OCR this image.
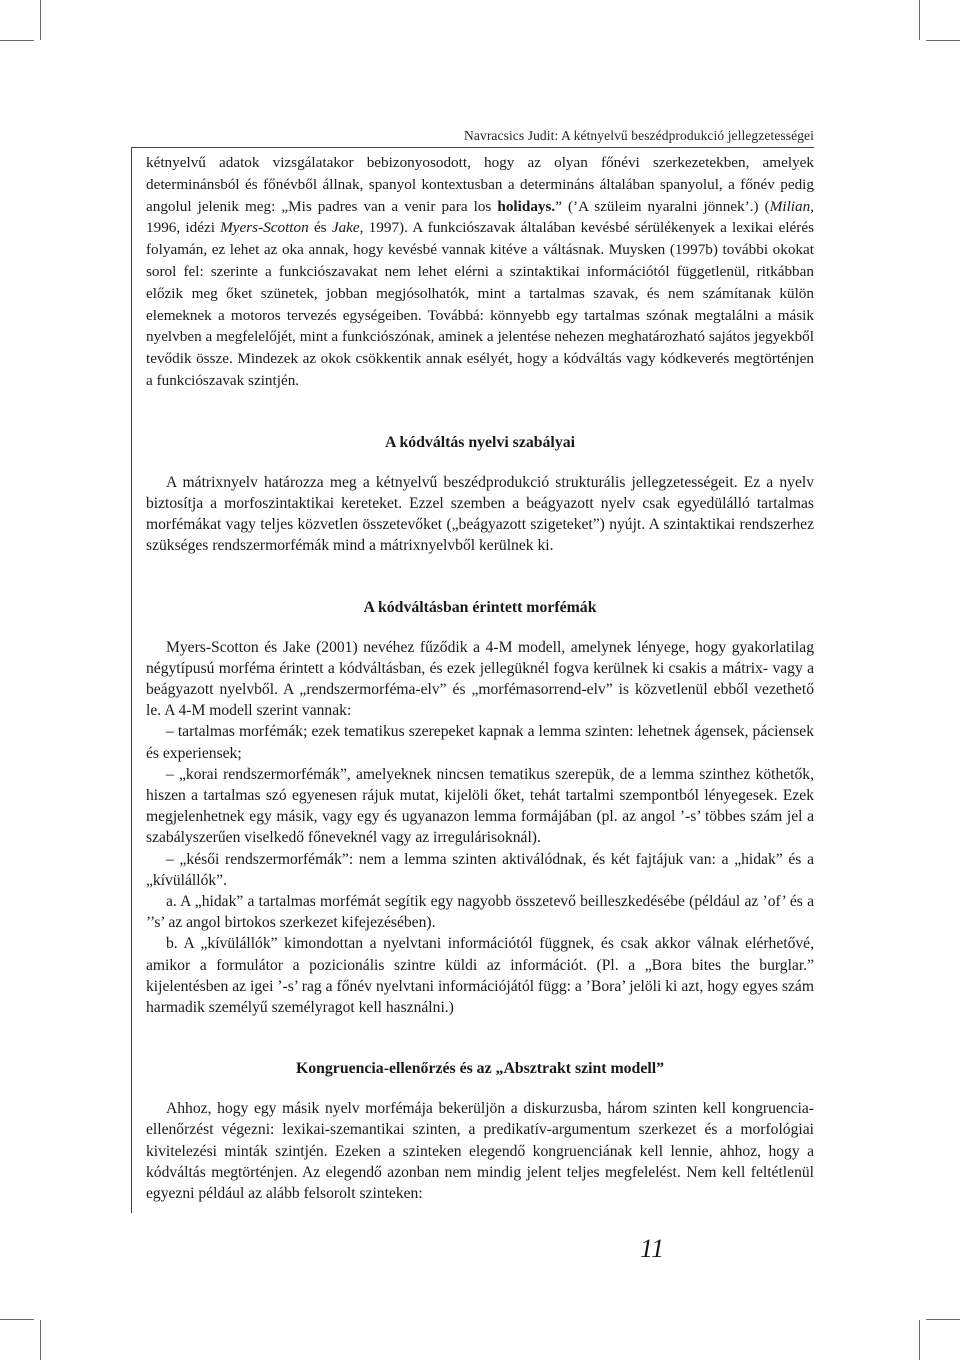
Navracsics Judit: A kétnyelvű beszédprodukció jellegzetességei

kétnyelvű adatok vizsgálatakor bebizonyosodott, hogy az olyan főnévi szerkezetekben, amelyek determinánsból és főnévből állnak, spanyol kontextusban a determináns általában spanyolul, a főnév pedig angolul jelenik meg: „Mis padres van a venir para los holidays.” (’A szüleim nyaralni jönnek’.) (Milian, 1996, idézi Myers-Scotton és Jake, 1997). A funkciószavak általában kevésbé sérülékenyek a lexikai elérés folyamán, ez lehet az oka annak, hogy kevésbé vannak kitéve a váltásnak. Muysken (1997b) további okokat sorol fel: szerinte a funkciószavakat nem lehet elérni a szintaktikai információtól függetlenül, ritkábban előzik meg őket szünetek, jobban megjósolhatók, mint a tartalmas szavak, és nem számítanak külön elemeknek a motoros tervezés egységeiben. Továbbá: könnyebb egy tartalmas szónak megtalálni a másik nyelvben a megfelelőjét, mint a funkciószónak, aminek a jelentése nehezen meghatározható sajátos jegyekből tevődik össze. Mindezek az okok csökkentik annak esélyét, hogy a kódváltás vagy kódkeverés megtörténjen a funkciószavak szintjén.

A kódváltás nyelvi szabályai

A mátrixnyelv határozza meg a kétnyelvű beszédprodukció strukturális jellegzetességeit. Ez a nyelv biztosítja a morfoszintaktikai kereteket. Ezzel szemben a beágyazott nyelv csak egyedülálló tartalmas morfémákat vagy teljes közvetlen összetevőket („beágyazott szigeteket”) nyújt. A szintaktikai rendszerhez szükséges rendszermorfémák mind a mátrixnyelvből kerülnek ki.

A kódváltásban érintett morfémák

Myers-Scotton és Jake (2001) nevéhez fűződik a 4-M modell, amelynek lényege, hogy gyakorlatilag négytípusú morféma érintett a kódváltásban, és ezek jellegüknél fogva kerülnek ki csakis a mátrix- vagy a beágyazott nyelvből. A „rendszermorféma-elv” és „morfémasorrend-elv” is közvetlenül ebből vezethető le. A 4-M modell szerint vannak:

– tartalmas morfémák; ezek tematikus szerepeket kapnak a lemma szinten: lehetnek ágensek, páciensek és experiensek;

– „korai rendszermorfémák”, amelyeknek nincsen tematikus szerepük, de a lemma szinthez köthetők, hiszen a tartalmas szó egyenesen rájuk mutat, kijelöli őket, tehát tartalmi szempontból lényegesek. Ezek megjelenhetnek egy másik, vagy egy és ugyanazon lemma formájában (pl. az angol ’-s’ többes szám jel a szabályszerűen viselkedő főneveknél vagy az irregulárisoknál).

– „késői rendszermorfémák”: nem a lemma szinten aktiválódnak, és két fajtájuk van: a „hidak” és a „kívülállók”.

a. A „hidak” a tartalmas morfémát segítik egy nagyobb összetevő beilleszkedésébe (például az ’of’ és a ’’s’ az angol birtokos szerkezet kifejezésében).

b. A „kívülállók” kimondottan a nyelvtani információtól függnek, és csak akkor válnak elérhetővé, amikor a formulátor a pozicionális szintre küldi az információt. (Pl. a „Bora bites the burglar.” kijelentésben az igei ’-s’ rag a főnév nyelvtani információjától függ: a ’Bora’ jelöli ki azt, hogy egyes szám harmadik személyű személyragot kell használni.)

Kongruencia-ellenőrzés és az „Absztrakt szint modell”

Ahhoz, hogy egy másik nyelv morfémája bekerüljön a diskurzusba, három szinten kell kongruencia-ellenőrzést végezni: lexikai-szemantikai szinten, a predikatív-argumentum szerkezet és a morfológiai kivitelezési minták szintjén. Ezeken a szinteken elegendő kongruenciának kell lennie, ahhoz, hogy a kódváltás megtörténjen. Az elegendő azonban nem mindig jelent teljes megfelelést. Nem kell feltétlenül egyezni például az alább felsorolt szinteken:

11
